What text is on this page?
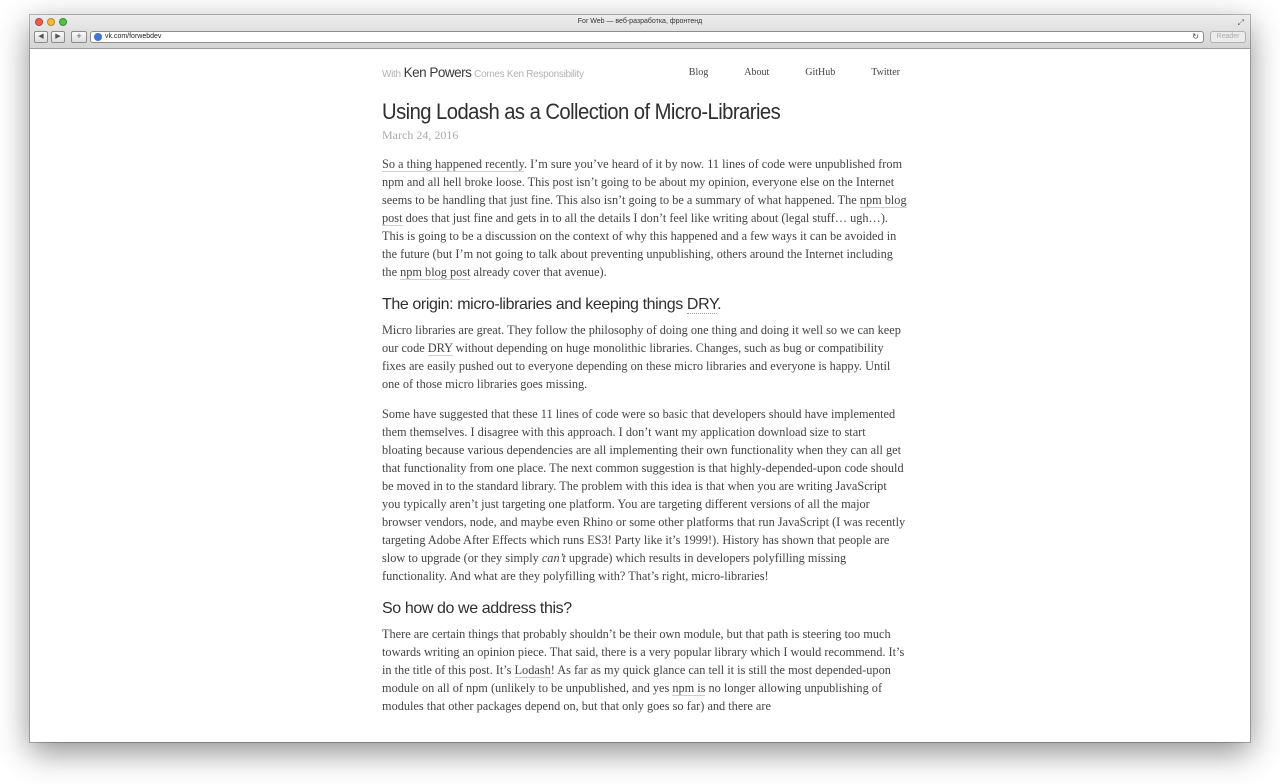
For Web — веб-разработка, фронтенд	⤢
◀	▶	+	vk.com/forwebdev	↻	Reader
With Ken Powers Comes Ken Responsibility	Blog	About	GitHub	Twitter
Using Lodash as a Collection of Micro-Libraries
March 24, 2016

So a thing happened recently. I’m sure you’ve heard of it by now. 11 lines of code were unpublished from npm and all hell broke loose. This post isn’t going to be about my opinion, everyone else on the Internet seems to be handling that just fine. This also isn’t going to be a summary of what happened. The npm blog post does that just fine and gets in to all the details I don’t feel like writing about (legal stuff… ugh…). This is going to be a discussion on the context of why this happened and a few ways it can be avoided in the future (but I’m not going to talk about preventing unpublishing, others around the Internet including the npm blog post already cover that avenue).

The origin: micro-libraries and keeping things DRY.

Micro libraries are great. They follow the philosophy of doing one thing and doing it well so we can keep our code DRY without depending on huge monolithic libraries. Changes, such as bug or compatibility fixes are easily pushed out to everyone depending on these micro libraries and everyone is happy. Until one of those micro libraries goes missing.

Some have suggested that these 11 lines of code were so basic that developers should have implemented them themselves. I disagree with this approach. I don’t want my application download size to start bloating because various dependencies are all implementing their own functionality when they can all get that functionality from one place. The next common suggestion is that highly-depended-upon code should be moved in to the standard library. The problem with this idea is that when you are writing JavaScript you typically aren’t just targeting one platform. You are targeting different versions of all the major browser vendors, node, and maybe even Rhino or some other platforms that run JavaScript (I was recently targeting Adobe After Effects which runs ES3! Party like it’s 1999!). History has shown that people are slow to upgrade (or they simply can’t upgrade) which results in developers polyfilling missing functionality. And what are they polyfilling with? That’s right, micro-libraries!

So how do we address this?

There are certain things that probably shouldn’t be their own module, but that path is steering too much towards writing an opinion piece. That said, there is a very popular library which I would recommend. It’s in the title of this post. It’s Lodash! As far as my quick glance can tell it is still the most depended-upon module on all of npm (unlikely to be unpublished, and yes npm is no longer allowing unpublishing of modules that other packages depend on, but that only goes so far) and there are
